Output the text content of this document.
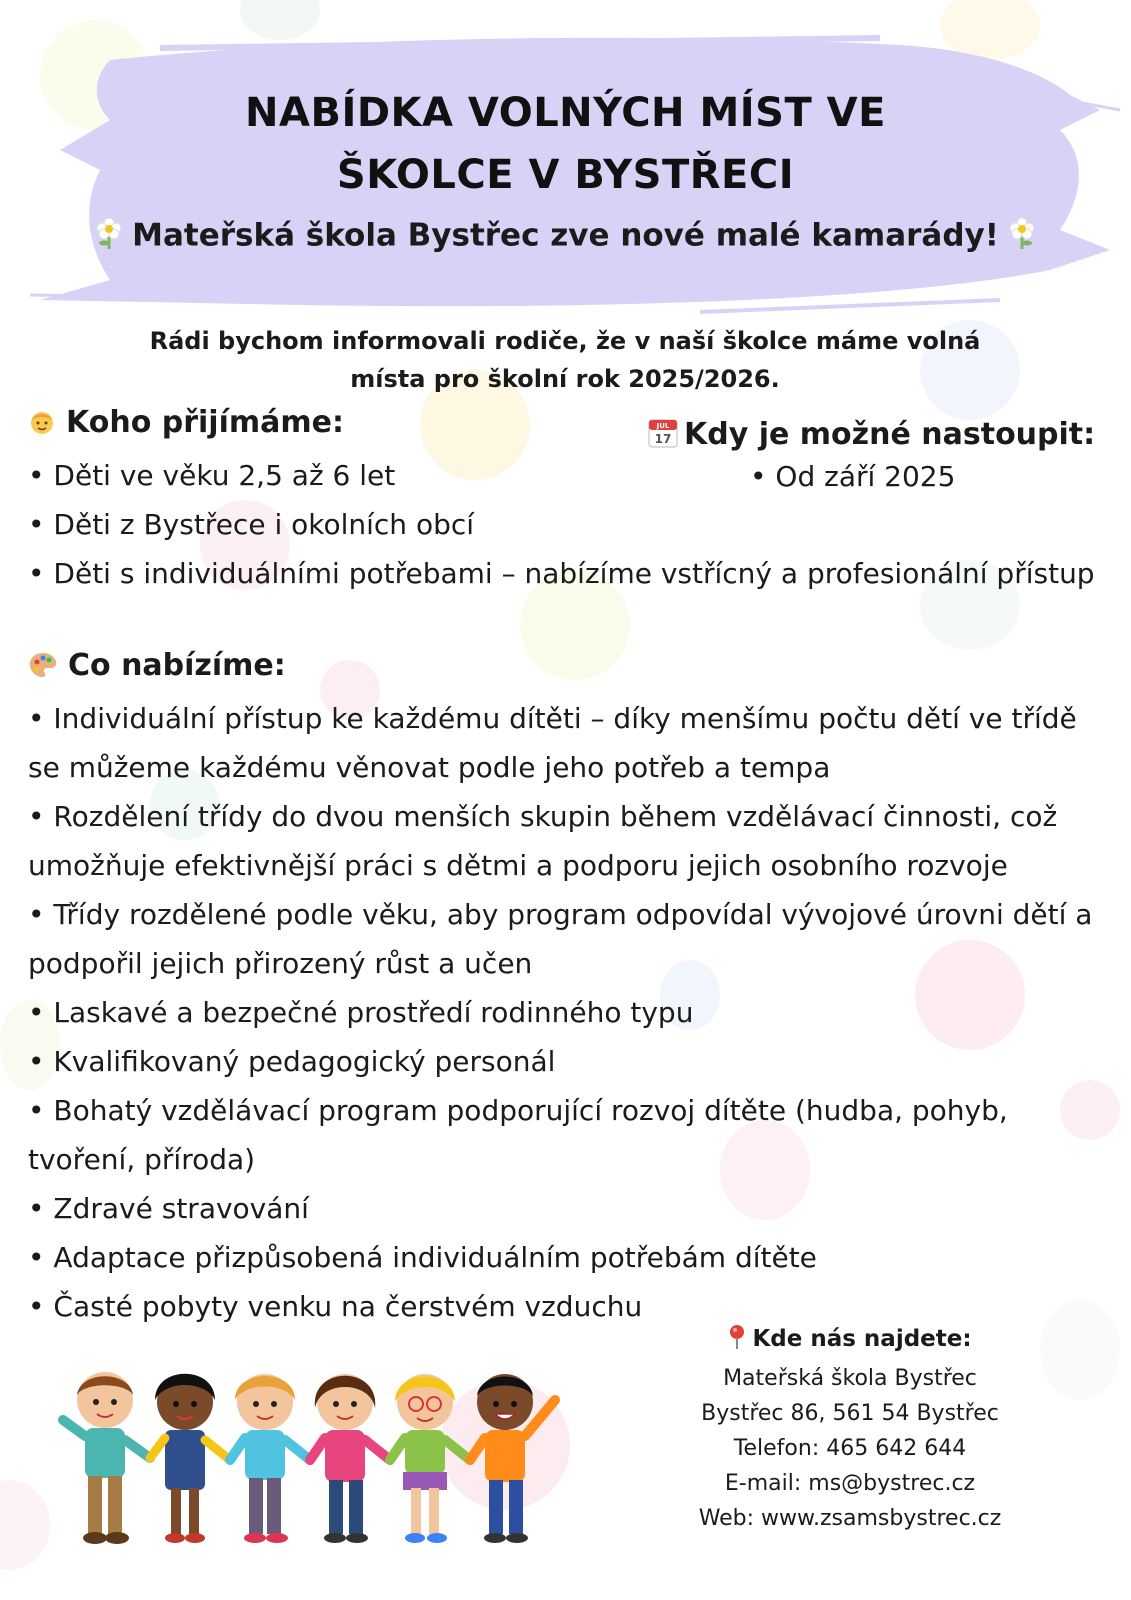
NABÍDKA VOLNÝCH MÍST VE
ŠKOLCE V BYSTŘECI
Mateřská škola Bystřec zve nové malé kamarády!
Rádi bychom informovali rodiče, že v naší školce máme volná
místa pro školní rok 2025/2026.
Koho přijímáme:

• Děti ve věku 2,5 až 6 let

• Děti z Bystřece i okolních obcí

• Děti s individuálními potřebami – nabízíme vstřícný a profesionální přístup

JUL
17 Kdy je možné nastoupit:
• Od září 2025
Co nabízíme:

• Individuální přístup ke každému dítěti – díky menšímu počtu dětí ve třídě se můžeme každému věnovat podle jeho potřeb a tempa

• Rozdělení třídy do dvou menších skupin během vzdělávací činnosti, což umožňuje efektivnější práci s dětmi a podporu jejich osobního rozvoje

• Třídy rozdělené podle věku, aby program odpovídal vývojové úrovni dětí a podpořil jejich přirozený růst a učen

• Laskavé a bezpečné prostředí rodinného typu

• Kvalifikovaný pedagogický personál

• Bohatý vzdělávací program podporující rozvoj dítěte (hudba, pohyb, tvoření, příroda)

• Zdravé stravování

• Adaptace přizpůsobená individuálním potřebám dítěte

• Časté pobyty venku na čerstvém vzduchu

Kde nás najdete:
Mateřská škola Bystřec
Bystřec 86, 561 54 Bystřec
Telefon: 465 642 644
E-mail: ms@bystrec.cz
Web: www.zsamsbystrec.cz
